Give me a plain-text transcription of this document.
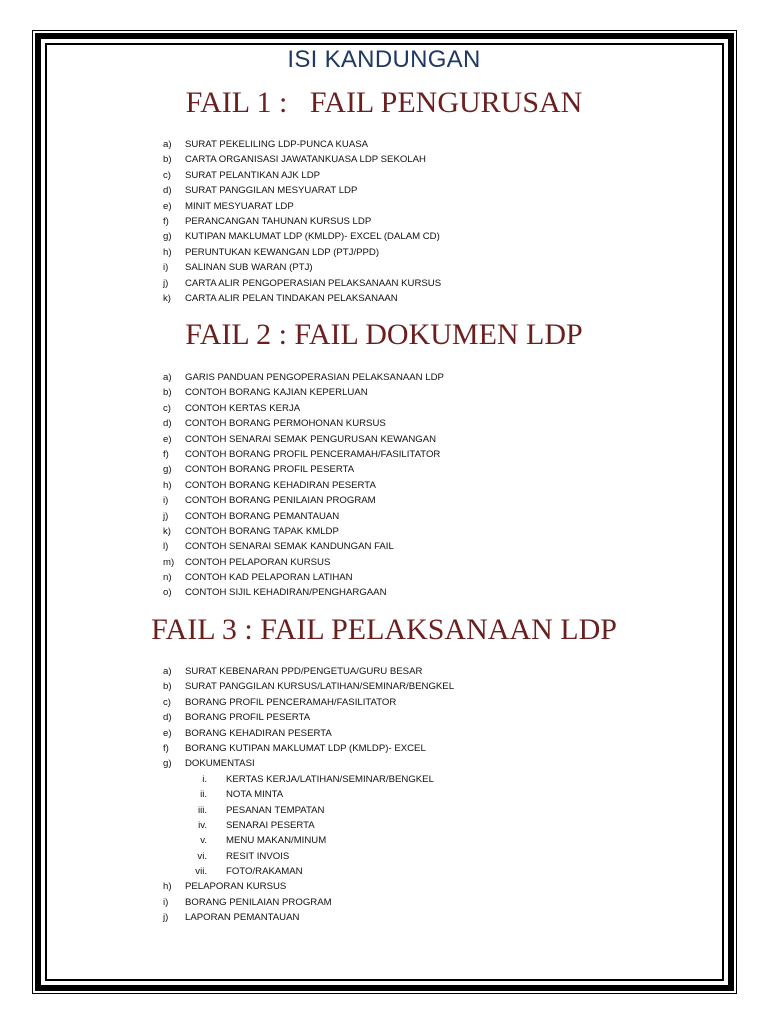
ISI KANDUNGAN
FAIL 1 :   FAIL PENGURUSAN
a) SURAT PEKELILING LDP-PUNCA KUASA
b) CARTA ORGANISASI JAWATANKUASA LDP SEKOLAH
c) SURAT PELANTIKAN AJK LDP
d) SURAT PANGGILAN MESYUARAT LDP
e) MINIT MESYUARAT LDP
f) PERANCANGAN TAHUNAN KURSUS LDP
g) KUTIPAN MAKLUMAT LDP (KMLDP)- EXCEL (DALAM CD)
h) PERUNTUKAN KEWANGAN LDP (PTJ/PPD)
i) SALINAN SUB WARAN (PTJ)
j) CARTA ALIR PENGOPERASIAN PELAKSANAAN KURSUS
k) CARTA ALIR PELAN TINDAKAN PELAKSANAAN
FAIL 2 : FAIL DOKUMEN LDP
a) GARIS PANDUAN PENGOPERASIAN PELAKSANAAN LDP
b) CONTOH BORANG KAJIAN KEPERLUAN
c) CONTOH KERTAS KERJA
d) CONTOH BORANG PERMOHONAN KURSUS
e) CONTOH SENARAI SEMAK PENGURUSAN KEWANGAN
f) CONTOH BORANG PROFIL PENCERAMAH/FASILITATOR
g) CONTOH BORANG PROFIL PESERTA
h) CONTOH BORANG KEHADIRAN PESERTA
i) CONTOH BORANG PENILAIAN PROGRAM
j) CONTOH BORANG PEMANTAUAN
k) CONTOH BORANG TAPAK KMLDP
l) CONTOH SENARAI SEMAK KANDUNGAN FAIL
m) CONTOH PELAPORAN KURSUS
n) CONTOH KAD PELAPORAN LATIHAN
o) CONTOH SIJIL KEHADIRAN/PENGHARGAAN
FAIL 3 : FAIL PELAKSANAAN LDP
a) SURAT KEBENARAN PPD/PENGETUA/GURU BESAR
b) SURAT PANGGILAN KURSUS/LATIHAN/SEMINAR/BENGKEL
c) BORANG PROFIL PENCERAMAH/FASILITATOR
d) BORANG PROFIL PESERTA
e) BORANG KEHADIRAN PESERTA
f) BORANG KUTIPAN MAKLUMAT LDP (KMLDP)- EXCEL
g) DOKUMENTASI
i. KERTAS KERJA/LATIHAN/SEMINAR/BENGKEL
ii. NOTA MINTA
iii. PESANAN TEMPATAN
iv. SENARAI PESERTA
v. MENU MAKAN/MINUM
vi. RESIT INVOIS
vii. FOTO/RAKAMAN
h) PELAPORAN KURSUS
i) BORANG PENILAIAN PROGRAM
j) LAPORAN PEMANTAUAN
